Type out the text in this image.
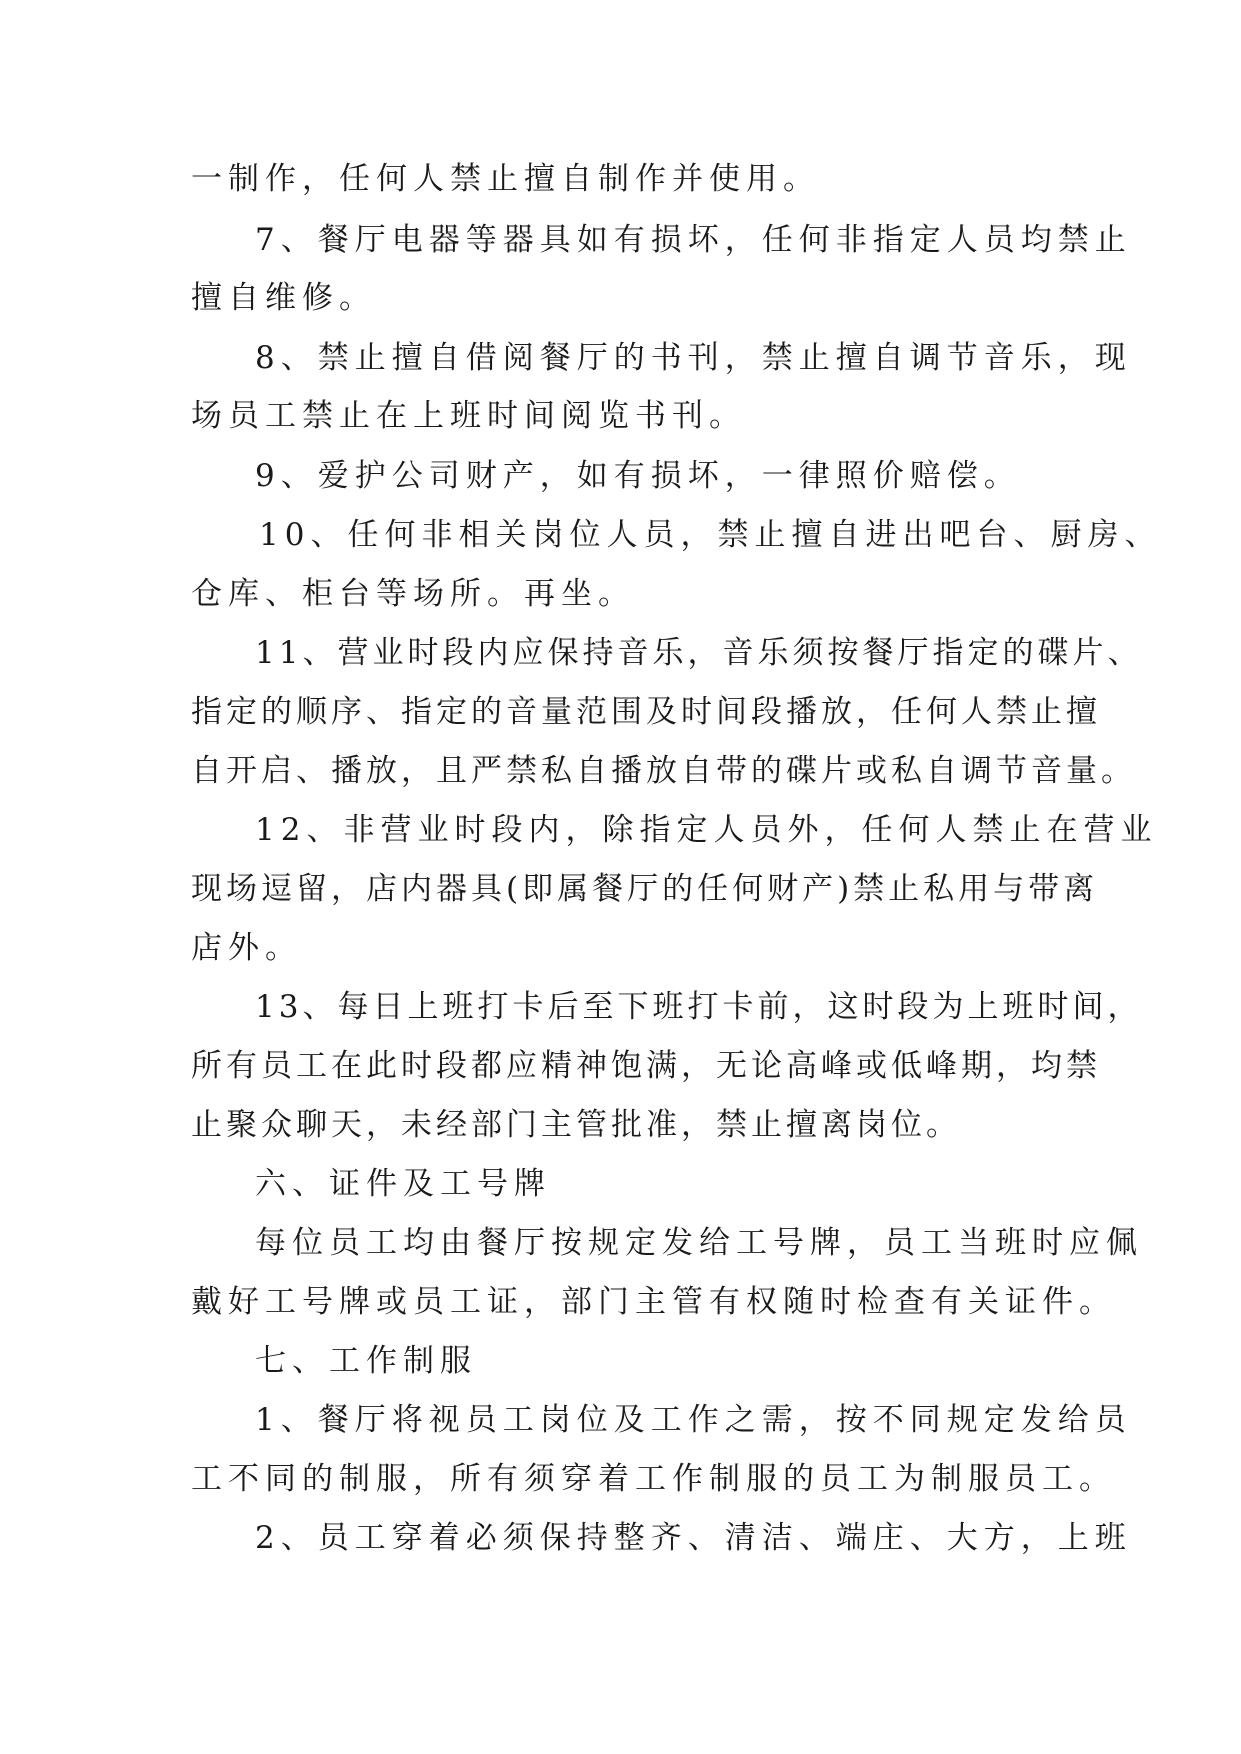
一制作，任何人禁止擅自制作并使用。
7、餐厅电器等器具如有损坏，任何非指定人员均禁止
擅自维修。
8、禁止擅自借阅餐厅的书刊，禁止擅自调节音乐，现
场员工禁止在上班时间阅览书刊。
9、爱护公司财产，如有损坏，一律照价赔偿。
10、任何非相关岗位人员，禁止擅自进出吧台、厨房、
仓库、柜台等场所。再坐。
11、营业时段内应保持音乐，音乐须按餐厅指定的碟片、
指定的顺序、指定的音量范围及时间段播放，任何人禁止擅
自开启、播放，且严禁私自播放自带的碟片或私自调节音量。
12、非营业时段内，除指定人员外，任何人禁止在营业
现场逗留，店内器具(即属餐厅的任何财产)禁止私用与带离
店外。
13、每日上班打卡后至下班打卡前，这时段为上班时间，
所有员工在此时段都应精神饱满，无论高峰或低峰期，均禁
止聚众聊天，未经部门主管批准，禁止擅离岗位。
六、证件及工号牌
每位员工均由餐厅按规定发给工号牌，员工当班时应佩
戴好工号牌或员工证，部门主管有权随时检查有关证件。
七、工作制服
1、餐厅将视员工岗位及工作之需，按不同规定发给员
工不同的制服，所有须穿着工作制服的员工为制服员工。
2、员工穿着必须保持整齐、清洁、端庄、大方，上班
